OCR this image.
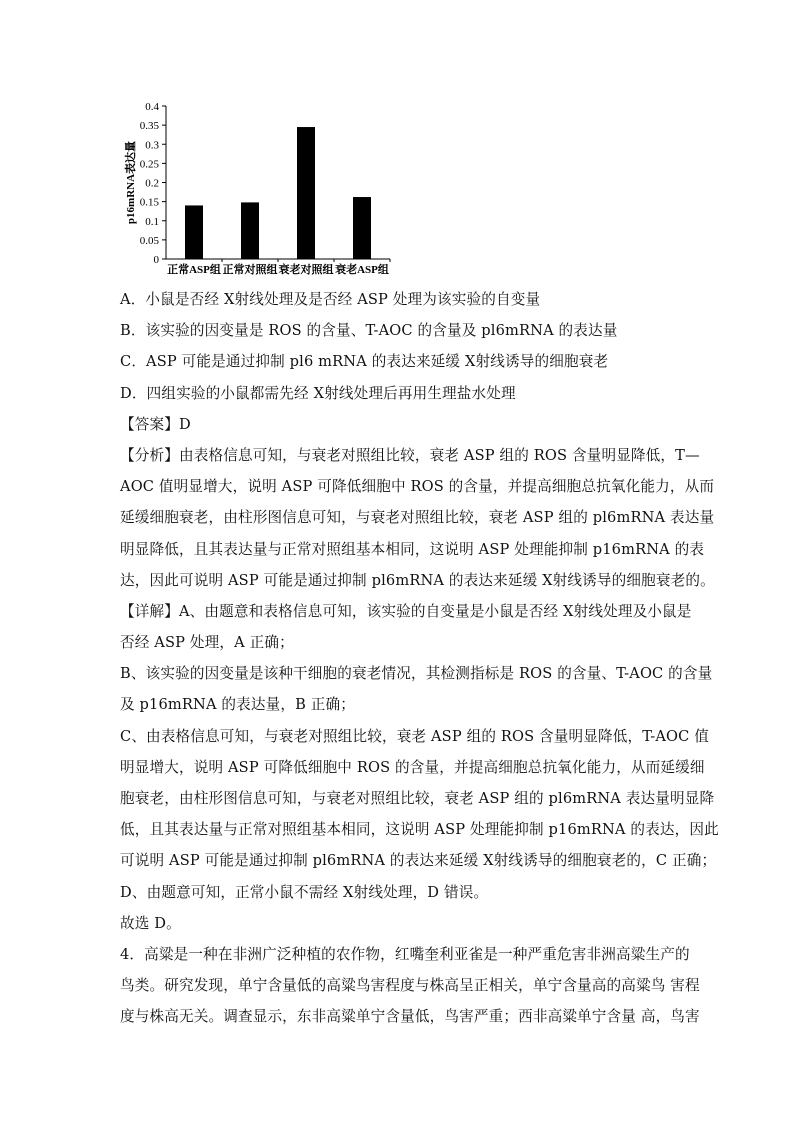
0
0.05
0.1
0.15
0.2
0.25
0.3
0.35
0.4
p16mRNA表达量
正常ASP组 正常对照组 衰老对照组 衰老ASP组
A．小鼠是否经 X射线处理及是否经 ASP 处理为该实验的自变量
B．该实验的因变量是 ROS 的含量、T-AOC 的含量及 pl6mRNA 的表达量
C．ASP 可能是通过抑制 pl6 mRNA 的表达来延缓 X射线诱导的细胞衰老
D．四组实验的小鼠都需先经 X射线处理后再用生理盐水处理
【答案】D
【分析】由表格信息可知，与衰老对照组比较，衰老 ASP 组的 ROS 含量明显降低，T—
AOC 值明显增大，说明 ASP 可降低细胞中 ROS 的含量，并提高细胞总抗氧化能力，从而
延缓细胞衰老，由柱形图信息可知，与衰老对照组比较，衰老 ASP 组的 pl6mRNA 表达量
明显降低，且其表达量与正常对照组基本相同，这说明 ASP 处理能抑制 p16mRNA 的表
达，因此可说明 ASP 可能是通过抑制 pl6mRNA 的表达来延缓 X射线诱导的细胞衰老的。
【详解】A、由题意和表格信息可知，该实验的自变量是小鼠是否经 X射线处理及小鼠是
否经 ASP 处理，A 正确；
B、该实验的因变量是该种干细胞的衰老情况，其检测指标是 ROS 的含量、T-AOC 的含量
及 p16mRNA 的表达量，B 正确；
C、由表格信息可知，与衰老对照组比较，衰老 ASP 组的 ROS 含量明显降低，T-AOC 值
明显增大，说明 ASP 可降低细胞中 ROS 的含量，并提高细胞总抗氧化能力，从而延缓细
胞衰老，由柱形图信息可知，与衰老对照组比较，衰老 ASP 组的 pl6mRNA 表达量明显降
低，且其表达量与正常对照组基本相同，这说明 ASP 处理能抑制 p16mRNA 的表达，因此
可说明 ASP 可能是通过抑制 pl6mRNA 的表达来延缓 X射线诱导的细胞衰老的，C 正确；
D、由题意可知，正常小鼠不需经 X射线处理，D 错误。
故选 D。
4．高粱是一种在非洲广泛种植的农作物，红嘴奎利亚雀是一种严重危害非洲高粱生产的
鸟类。研究发现，单宁含量低的高粱鸟害程度与株高呈正相关，单宁含量高的高粱鸟 害程
度与株高无关。调查显示，东非高粱单宁含量低，鸟害严重；西非高粱单宁含量 高，鸟害
